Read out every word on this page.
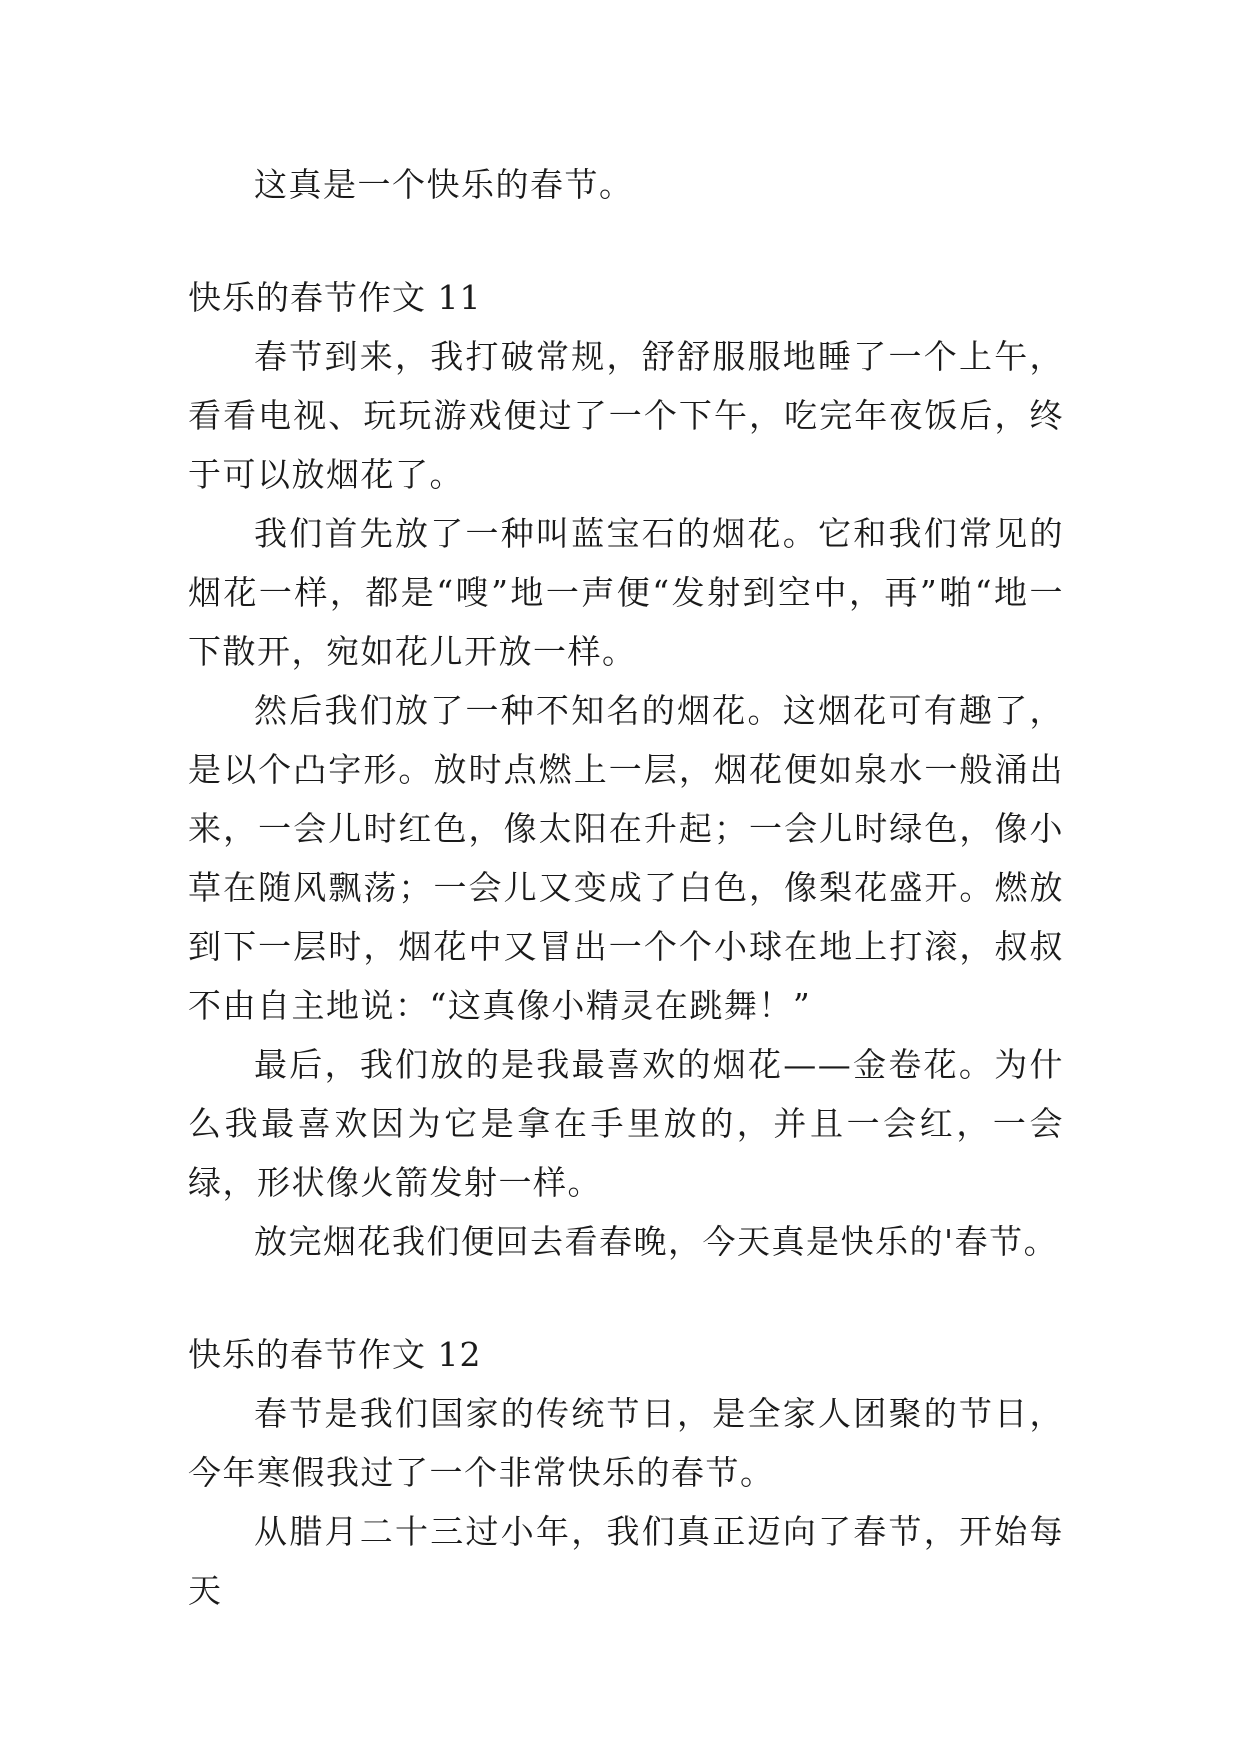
这真是一个快乐的春节。

快乐的春节作文 11

春节到来，我打破常规，舒舒服服地睡了一个上午，看看电视、玩玩游戏便过了一个下午，吃完年夜饭后，终于可以放烟花了。

我们首先放了一种叫蓝宝石的烟花。它和我们常见的烟花一样，都是“嗖”地一声便“发射到空中，再”啪“地一下散开，宛如花儿开放一样。

然后我们放了一种不知名的烟花。这烟花可有趣了，是以个凸字形。放时点燃上一层，烟花便如泉水一般涌出来，一会儿时红色，像太阳在升起；一会儿时绿色，像小草在随风飘荡；一会儿又变成了白色，像梨花盛开。燃放到下一层时，烟花中又冒出一个个小球在地上打滚，叔叔不由自主地说：“这真像小精灵在跳舞！”

最后，我们放的是我最喜欢的烟花——金卷花。为什么我最喜欢因为它是拿在手里放的，并且一会红，一会绿，形状像火箭发射一样。

放完烟花我们便回去看春晚，今天真是快乐的'春节。

快乐的春节作文 12

春节是我们国家的传统节日，是全家人团聚的节日，今年寒假我过了一个非常快乐的春节。

从腊月二十三过小年，我们真正迈向了春节，开始每天
